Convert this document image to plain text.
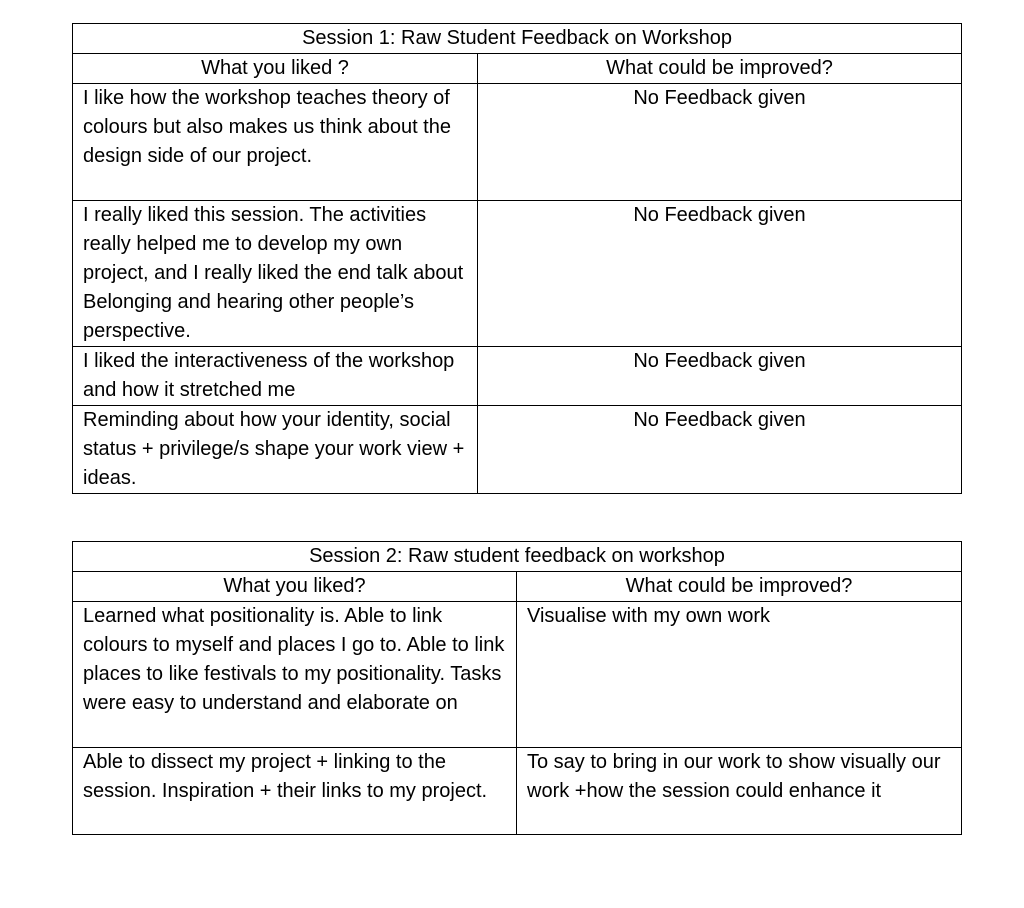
Session 1: Raw Student Feedback on Workshop	
What you liked ?	What could be improved?
I like how the workshop teaches theory of colours but also makes us think about the design side of our project.	No Feedback given
I really liked this session. The activities really helped me to develop my own project, and I really liked the end talk about Belonging and hearing other people’s perspective.	No Feedback given
I liked the interactiveness of the workshop and how it stretched me	No Feedback given
Reminding about how your identity, social status + privilege/s shape your work view + ideas.	No Feedback given
Session 2: Raw student feedback on workshop	
What you liked?	What could be improved?
Learned what positionality is. Able to link colours to myself and places I go to. Able to link places to like festivals to my positionality. Tasks were easy to understand and elaborate on	Visualise with my own work
Able to dissect my project + linking to the session. Inspiration + their links to my project.	To say to bring in our work to show visually our work +how the session could enhance it
